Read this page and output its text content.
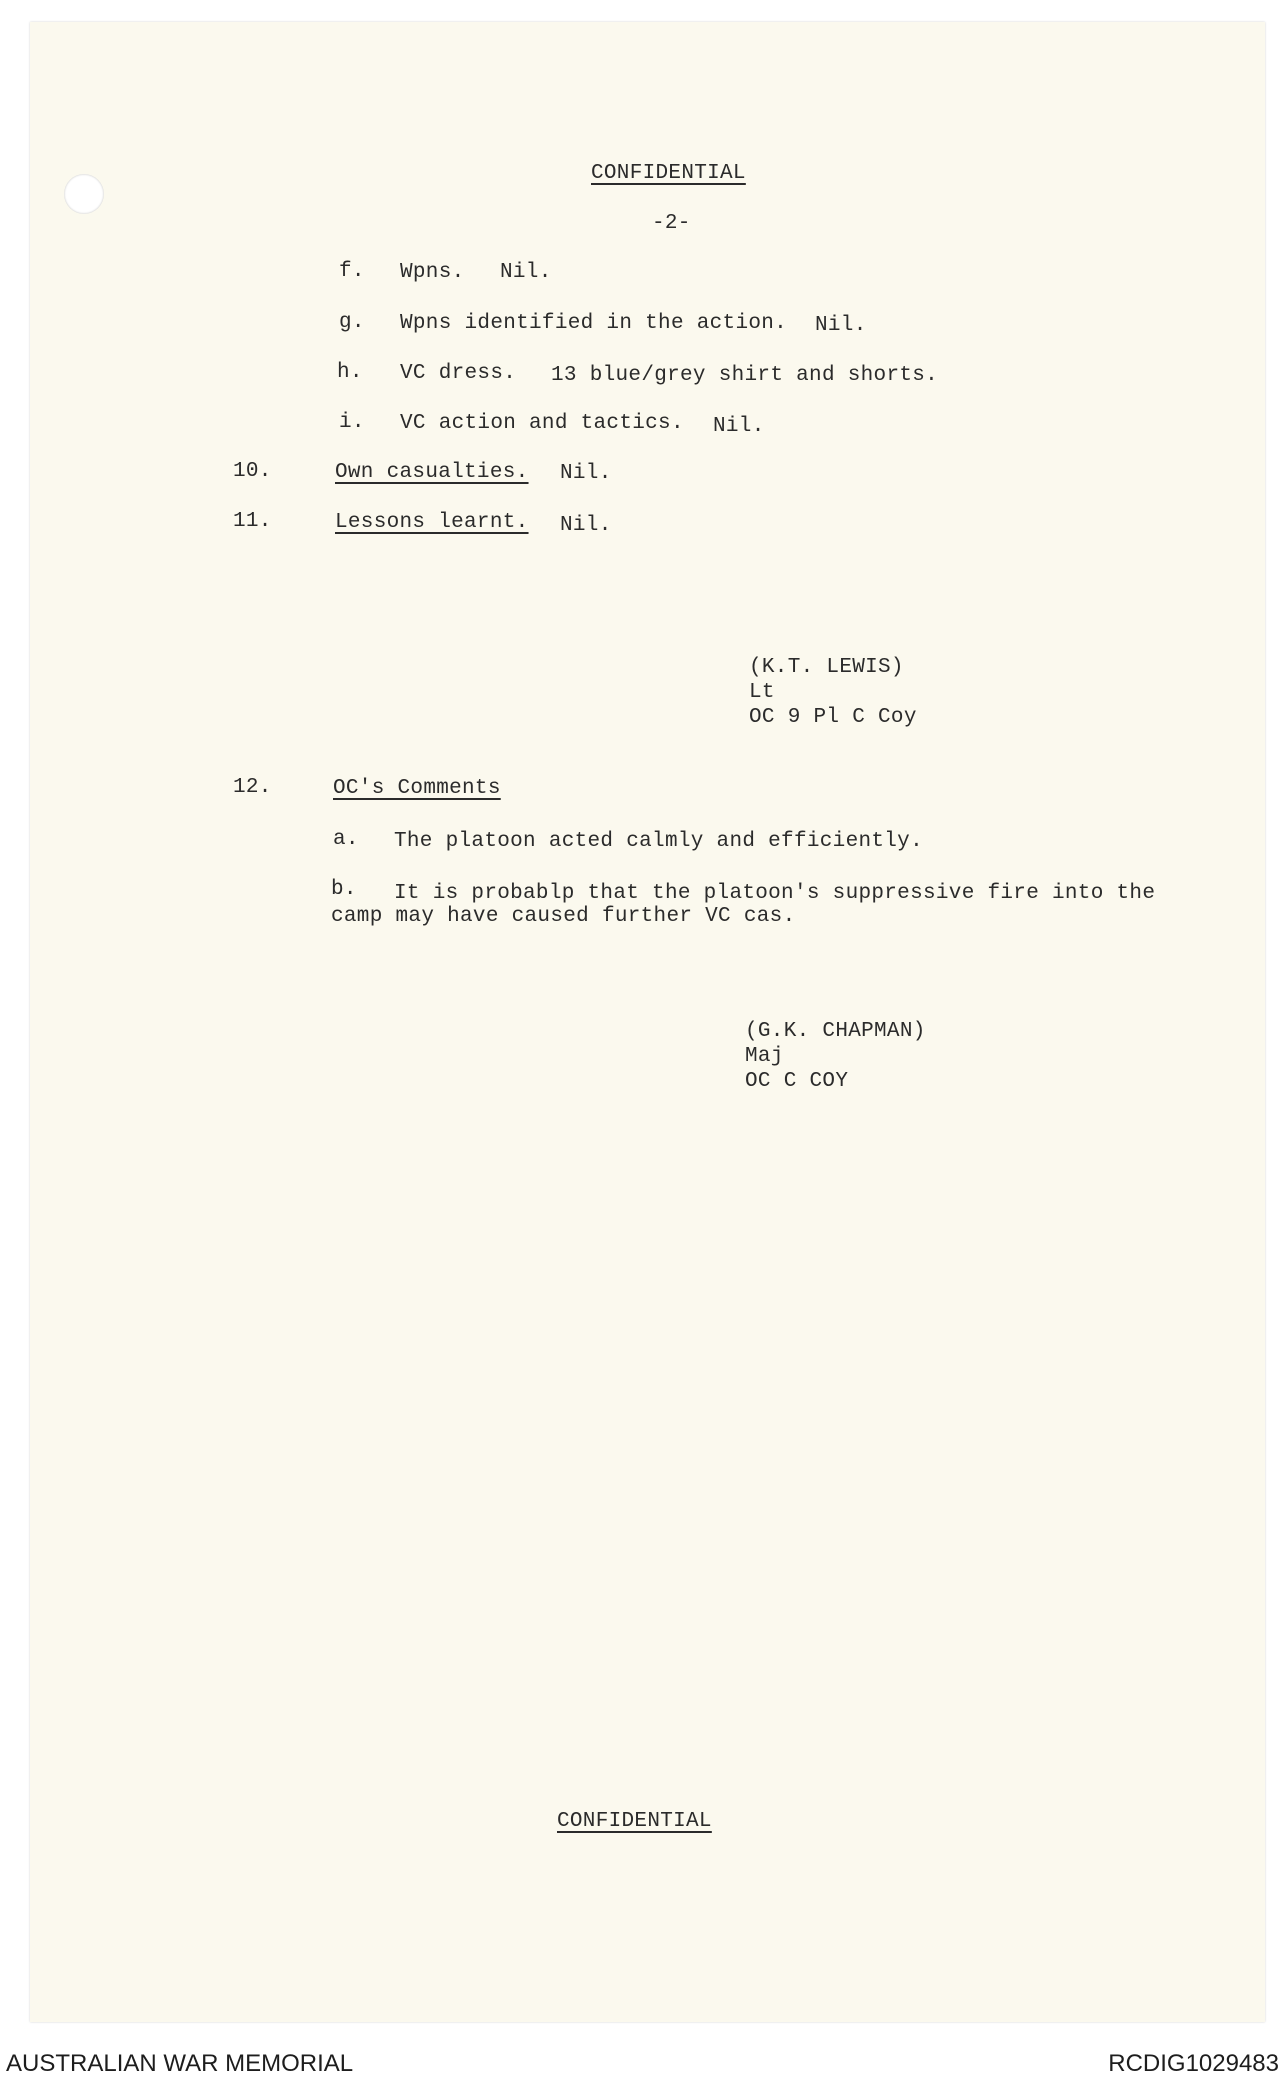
CONFIDENTIAL
-2-
f. Wpns. Nil.
g. Wpns identified in the action. Nil.
h. VC dress. 13 blue/grey shirt and shorts.
i. VC action and tactics. Nil.
10.	Own casualties. Nil.
11.	Lessons learnt. Nil.
(K.T. LEWIS)
Lt
OC 9 Pl C Coy
12.	OC's Comments
a. The platoon acted calmly and efficiently.
b. It is probablp that the platoon's suppressive fire into the
camp may have caused further VC cas.
(G.K. CHAPMAN)
Maj
OC C COY
CONFIDENTIAL
AUSTRALIAN WAR MEMORIAL	RCDIG1029483
